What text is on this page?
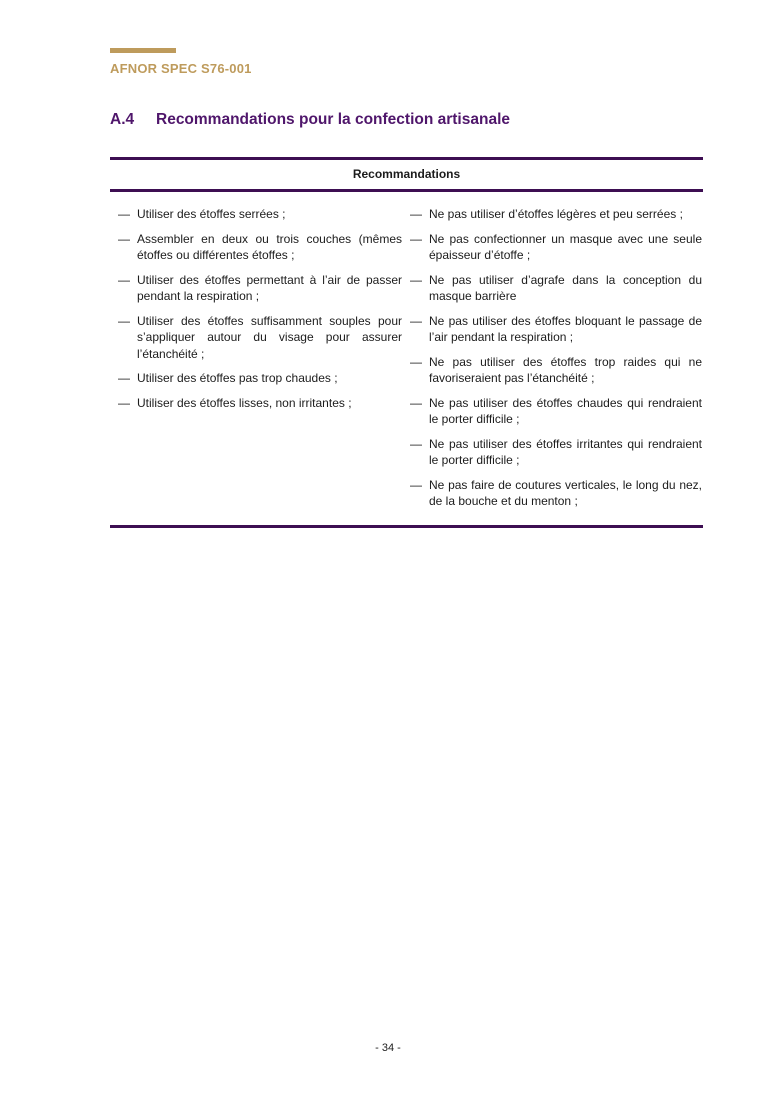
AFNOR SPEC S76-001
A.4	Recommandations pour la confection artisanale
Recommandations
— Utiliser des étoffes serrées ;
— Assembler en deux ou trois couches (mêmes étoffes ou différentes étoffes ;
— Utiliser des étoffes permettant à l’air de passer pendant la respiration ;
— Utiliser des étoffes suffisamment souples pour s’appliquer autour du visage pour assurer l’étanchéité ;
— Utiliser des étoffes pas trop chaudes ;
— Utiliser des étoffes lisses, non irritantes ;
— Ne pas utiliser d’étoffes légères et peu serrées ;
— Ne pas confectionner un masque avec une seule épaisseur d’étoffe ;
— Ne pas utiliser d’agrafe dans la conception du masque barrière
— Ne pas utiliser des étoffes bloquant le passage de l’air pendant la respiration ;
— Ne pas utiliser des étoffes trop raides qui ne favoriseraient pas l’étanchéité ;
— Ne pas utiliser des étoffes chaudes qui rendraient le porter difficile ;
— Ne pas utiliser des étoffes irritantes qui rendraient le porter difficile ;
— Ne pas faire de coutures verticales, le long du nez, de la bouche et du menton ;
- 34 -
